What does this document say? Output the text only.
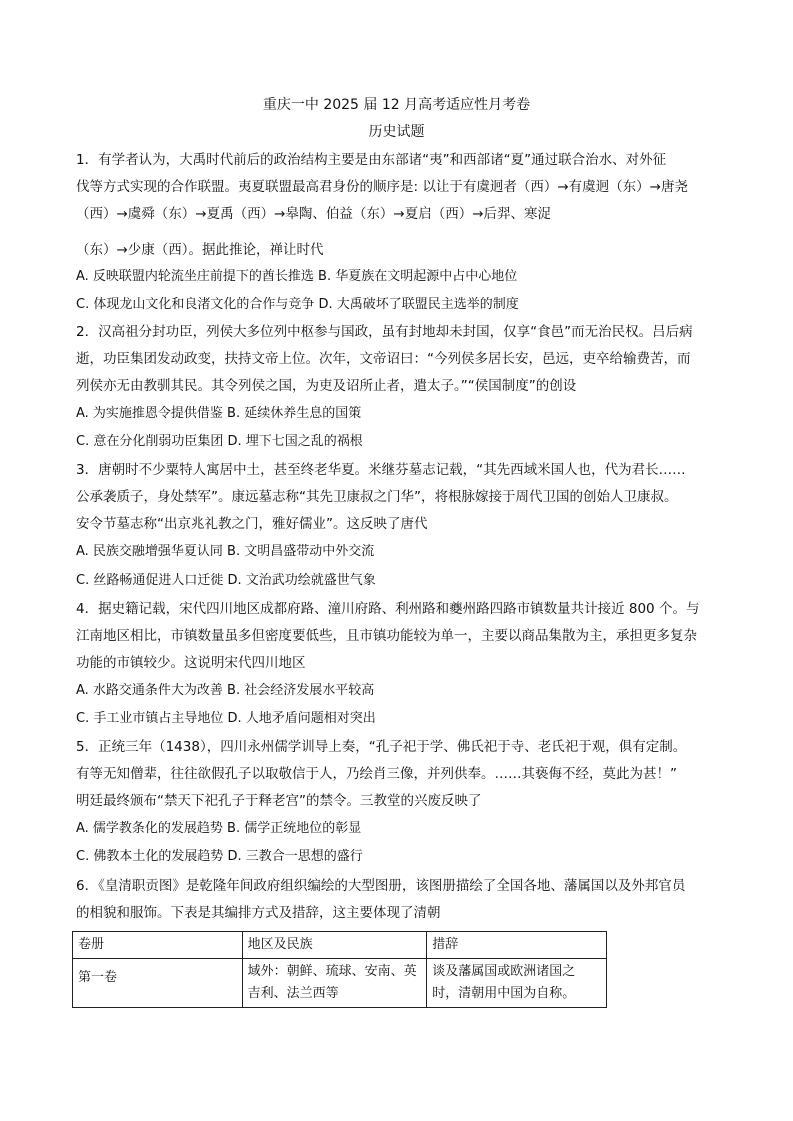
重庆一中 2025 届 12 月高考适应性月考卷
历史试题
1．有学者认为，大禹时代前后的政治结构主要是由东部诸“夷”和西部诸“夏”通过联合治水、对外征
伐等方式实现的合作联盟。夷夏联盟最高君身份的顺序是: 以让于有虞迥者（西）→有虞迥（东）→唐尧
（西）→虞舜（东）→夏禹（西）→皋陶、伯益（东）→夏启（西）→后羿、寒浞
（东）→少康（西）。据此推论，禅让时代
A. 反映联盟内轮流坐庄前提下的酋长推选 B. 华夏族在文明起源中占中心地位
C. 体现龙山文化和良渚文化的合作与竞争 D. 大禹破坏了联盟民主选举的制度
2．汉高祖分封功臣，列侯大多位列中枢参与国政，虽有封地却未封国，仅享“食邑”而无治民权。吕后病
逝，功臣集团发动政变，扶持文帝上位。次年，文帝诏曰：“今列侯多居长安，邑远，吏卒给输费苦，而
列侯亦无由教驯其民。其令列侯之国，为吏及诏所止者，遣太子。”“侯国制度”的创设
A. 为实施推恩令提供借鉴 B. 延续休养生息的国策
C. 意在分化削弱功臣集团 D. 埋下七国之乱的祸根
3．唐朝时不少粟特人寓居中土，甚至终老华夏。米继芬墓志记载，“其先西域米国人也，代为君长……
公承袭质子，身处禁军”。康远墓志称“其先卫康叔之门华”，将根脉嫁接于周代卫国的创始人卫康叔。
安令节墓志称“出京兆礼教之门，雅好儒业”。这反映了唐代
A. 民族交融增强华夏认同 B. 文明昌盛带动中外交流
C. 丝路畅通促进人口迁徙 D. 文治武功绘就盛世气象
4．据史籍记载，宋代四川地区成都府路、潼川府路、利州路和夔州路四路市镇数量共计接近 800 个。与
江南地区相比，市镇数量虽多但密度要低些，且市镇功能较为单一，主要以商品集散为主，承担更多复杂
功能的市镇较少。这说明宋代四川地区
A. 水路交通条件大为改善 B. 社会经济发展水平较高
C. 手工业市镇占主导地位 D. 人地矛盾问题相对突出
5．正统三年（1438），四川永州儒学训导上奏，“孔子祀于学、佛氏祀于寺、老氏祀于观，俱有定制。
有等无知僧辈，往往欲假孔子以取敬信于人，乃绘肖三像，并列供奉。……其亵侮不经，莫此为甚！”
明廷最终颁布“禁天下祀孔子于释老宫”的禁令。三教堂的兴废反映了
A. 儒学教条化的发展趋势 B. 儒学正统地位的彰显
C. 佛教本土化的发展趋势 D. 三教合一思想的盛行
6．《皇清职贡图》是乾隆年间政府组织编绘的大型图册，该图册描绘了全国各地、藩属国以及外邦官员
的相貌和服饰。下表是其编排方式及措辞，这主要体现了清朝
卷册	地区及民族	措辞
第一卷	域外：朝鲜、琉球、安南、英吉利、法兰西等	谈及藩属国或欧洲诸国之时，清朝用中国为自称。
